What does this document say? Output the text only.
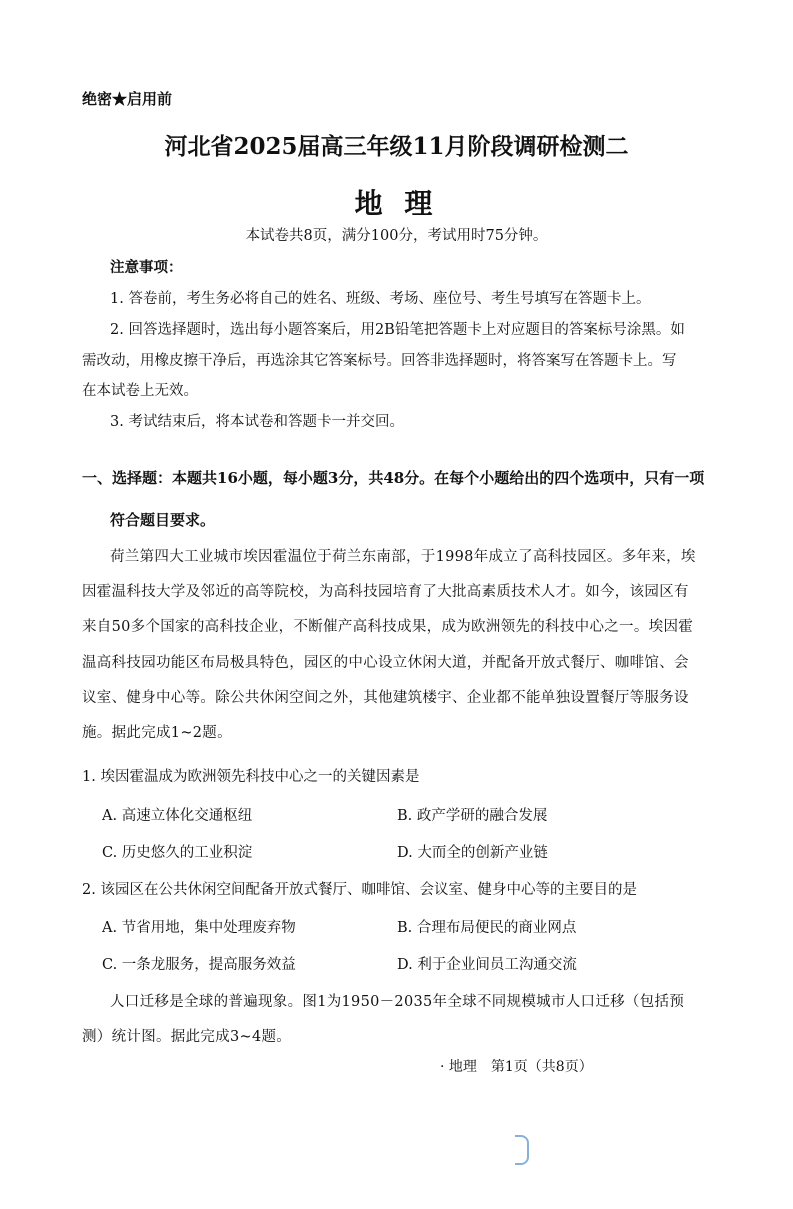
绝密★启用前
河北省2025届高三年级11月阶段调研检测二
地 理
本试卷共8页，满分100分，考试用时75分钟。
注意事项：
1. 答卷前，考生务必将自己的姓名、班级、考场、座位号、考生号填写在答题卡上。
2. 回答选择题时，选出每小题答案后，用2B铅笔把答题卡上对应题目的答案标号涂黑。如
需改动，用橡皮擦干净后，再选涂其它答案标号。回答非选择题时，将答案写在答题卡上。写
在本试卷上无效。
3. 考试结束后，将本试卷和答题卡一并交回。
一、选择题：本题共16小题，每小题3分，共48分。在每个小题给出的四个选项中，只有一项
符合题目要求。
荷兰第四大工业城市埃因霍温位于荷兰东南部，于1998年成立了高科技园区。多年来，埃
因霍温科技大学及邻近的高等院校，为高科技园培育了大批高素质技术人才。如今，该园区有
来自50多个国家的高科技企业，不断催产高科技成果，成为欧洲领先的科技中心之一。埃因霍
温高科技园功能区布局极具特色，园区的中心设立休闲大道，并配备开放式餐厅、咖啡馆、会
议室、健身中心等。除公共休闲空间之外，其他建筑楼宇、企业都不能单独设置餐厅等服务设
施。据此完成1~2题。
1. 埃因霍温成为欧洲领先科技中心之一的关键因素是
A. 高速立体化交通枢纽	B. 政产学研的融合发展
C. 历史悠久的工业积淀	D. 大而全的创新产业链
2. 该园区在公共休闲空间配备开放式餐厅、咖啡馆、会议室、健身中心等的主要目的是
A. 节省用地，集中处理废弃物	B. 合理布局便民的商业网点
C. 一条龙服务，提高服务效益	D. 利于企业间员工沟通交流
人口迁移是全球的普遍现象。图1为1950－2035年全球不同规模城市人口迁移（包括预
测）统计图。据此完成3~4题。
· 地理　第1页（共8页）
